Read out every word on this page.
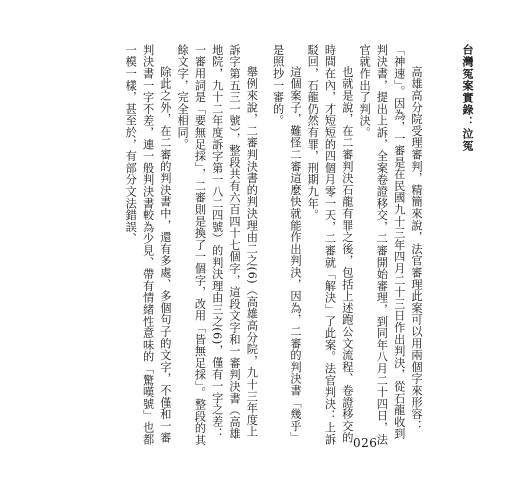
台灣冤案實錄：泣冤

高雄高分院受理審判，精簡來說，法官審理此案可以用兩個字來形容：「神速」。因為，一審是在民國九十三年四月二十三日作出判決，從石龍收到判決書，提出上訴，全案卷證移交，二審開始審理，到同年八月二十四日，法官就作出了判決。

也就是說，在二審判決石龍有罪之後，包括上述跑公文流程、卷證移交的時間在內，才短短的四個月零一天，二審就「解決」了此案。法官判決：上訴駁回，石龍仍然有罪，刑期九年。

這個案子，難怪二審這麼快就能作出判決，因為，二審的判決書「幾乎」是照抄一審的。

舉例來說，二審判決書的判決理由二之(6)（高雄高分院，九十三年度上訴字第五三一號），整段共有六百四十七個字，這段文字和一審判決書（高雄地院，九十二年度訴字第一八二四號）的判決理由三之(6)，僅有一字之差：一審用詞是「要無足採」，二審則是換了一個字，改用「皆無足採」。整段的其餘文字，完全相同。

除此之外，在二審的判決書中，還有多處、多個句子的文字，不僅和一審判決書一字不差，連一般判決書較為少見、帶有情緒性意味的「驚嘆號」也都一模一樣，甚至於，有部分文法錯誤、

026
